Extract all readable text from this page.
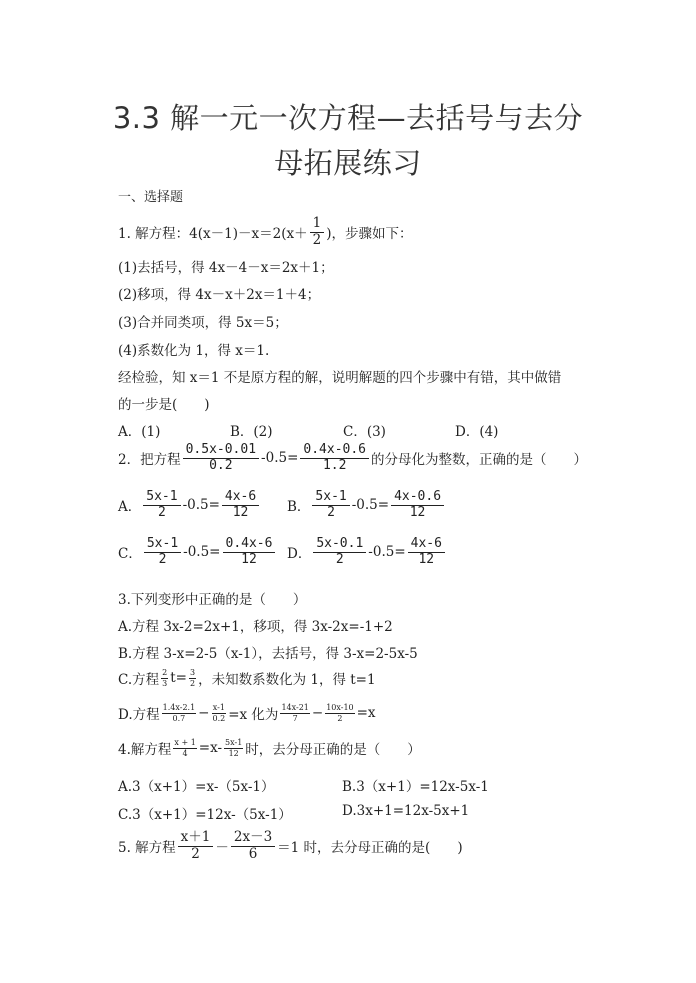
3.3 解一元一次方程—去括号与去分
母拓展练习
一、选择题
1. 解方程：$4(x-1)-x=2(x+ \frac{1}{2}$ )，步骤如下：
(1)去括号，得 4x－4－x＝2x＋1；
(2)移项，得 4x－x＋2x＝1＋4；
(3)合并同类项，得 5x＝5；
(4)系数化为 1，得 x＝1.
经检验，知 x＝1 不是原方程的解，说明解题的四个步骤中有错，其中做错
的一步是(　　)
A．(1)	B．(2)	C．(3)	D．(4)
2．把方程 $\frac{0.5x-0.01}{0.2} -0.5= \frac{0.4x-0.6}{1.2}$ 的分母化为整数，正确的是（　　）
A． $\frac{5x-1}{2} -0.5= \frac{4x-6}{12}$ B． $\frac{5x-1}{2} -0.5= \frac{4x-0.6}{12}$
C． $\frac{5x-1}{2} -0.5= \frac{0.4x-6}{12}$ D． $\frac{5x-0.1}{2} -0.5= \frac{4x-6}{12}$
3.下列变形中正确的是（　　）
A.方程 3x-2=2x+1，移项，得 3x-2x=-1+2
B.方程 3-x=2-5（x-1），去括号，得 3-x=2-5x-5
C.方程 $\frac{2}{3} t= \frac{3}{2}$ ，未知数系数化为 1，得 t=1
D.方程 $\frac{1.4x-2.1}{0.7} - \frac{x-1}{0.2} =x$ 化为 $\frac{14x-21}{7} - \frac{10x-10}{2} =x$
4.解方程 $\frac{x + 1}{4} =x- \frac{5x-1}{12}$ 时，去分母正确的是（　　）
A.3（x+1）=x-（5x-1）	B.3（x+1）=12x-5x-1
C.3（x+1）=12x-（5x-1）	D.3x+1=12x-5x+1
5. 解方程 $\frac{x+1}{2} - \frac{2x-3}{6} =1$ 时，去分母正确的是(　　)
